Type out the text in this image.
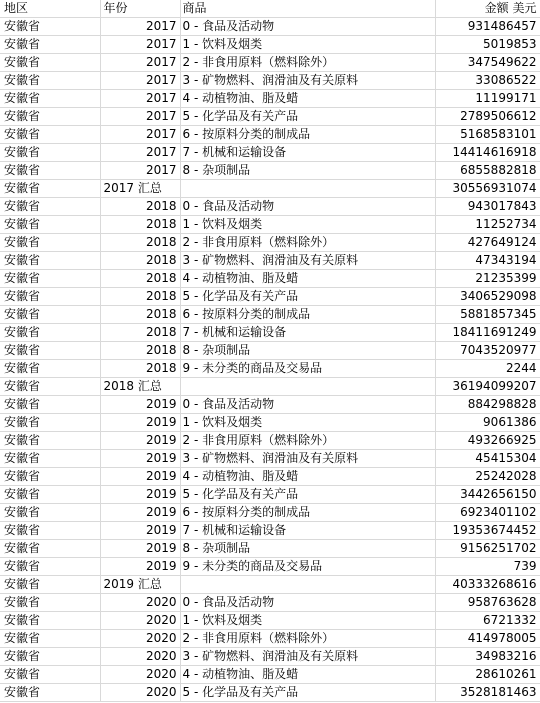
地区	年份	商品	金额 美元
安徽省	2017	0 - 食品及活动物	931486457
安徽省	2017	1 - 饮料及烟类	5019853
安徽省	2017	2 - 非食用原料（燃料除外）	347549622
安徽省	2017	3 - 矿物燃料、润滑油及有关原料	33086522
安徽省	2017	4 - 动植物油、脂及蜡	11199171
安徽省	2017	5 - 化学品及有关产品	2789506612
安徽省	2017	6 - 按原料分类的制成品	5168583101
安徽省	2017	7 - 机械和运输设备	14414616918
安徽省	2017	8 - 杂项制品	6855882818
安徽省	2017 汇总		30556931074
安徽省	2018	0 - 食品及活动物	943017843
安徽省	2018	1 - 饮料及烟类	11252734
安徽省	2018	2 - 非食用原料（燃料除外）	427649124
安徽省	2018	3 - 矿物燃料、润滑油及有关原料	47343194
安徽省	2018	4 - 动植物油、脂及蜡	21235399
安徽省	2018	5 - 化学品及有关产品	3406529098
安徽省	2018	6 - 按原料分类的制成品	5881857345
安徽省	2018	7 - 机械和运输设备	18411691249
安徽省	2018	8 - 杂项制品	7043520977
安徽省	2018	9 - 未分类的商品及交易品	2244
安徽省	2018 汇总		36194099207
安徽省	2019	0 - 食品及活动物	884298828
安徽省	2019	1 - 饮料及烟类	9061386
安徽省	2019	2 - 非食用原料（燃料除外）	493266925
安徽省	2019	3 - 矿物燃料、润滑油及有关原料	45415304
安徽省	2019	4 - 动植物油、脂及蜡	25242028
安徽省	2019	5 - 化学品及有关产品	3442656150
安徽省	2019	6 - 按原料分类的制成品	6923401102
安徽省	2019	7 - 机械和运输设备	19353674452
安徽省	2019	8 - 杂项制品	9156251702
安徽省	2019	9 - 未分类的商品及交易品	739
安徽省	2019 汇总		40333268616
安徽省	2020	0 - 食品及活动物	958763628
安徽省	2020	1 - 饮料及烟类	6721332
安徽省	2020	2 - 非食用原料（燃料除外）	414978005
安徽省	2020	3 - 矿物燃料、润滑油及有关原料	34983216
安徽省	2020	4 - 动植物油、脂及蜡	28610261
安徽省	2020	5 - 化学品及有关产品	3528181463
